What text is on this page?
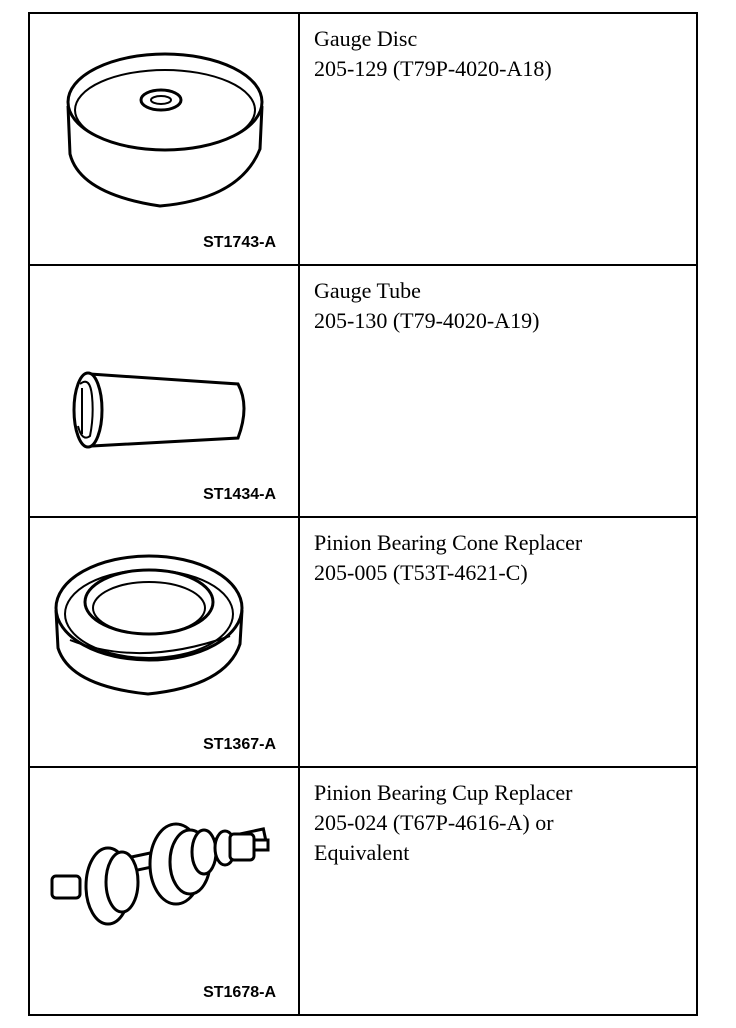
ST1743-A
Gauge Disc
205-129 (T79P-4020-A18)
ST1434-A
Gauge Tube
205-130 (T79-4020-A19)
ST1367-A
Pinion Bearing Cone Replacer
205-005 (T53T-4621-C)
ST1678-A
Pinion Bearing Cup Replacer
205-024 (T67P-4616-A) or
Equivalent
